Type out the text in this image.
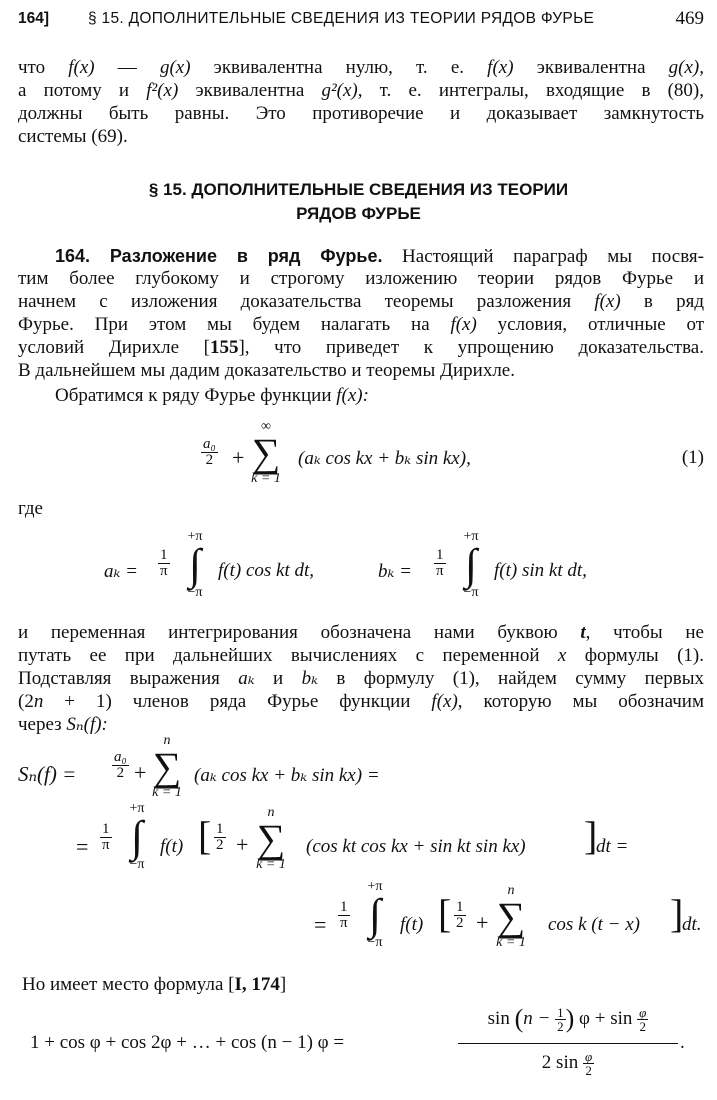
164]	§ 15. ДОПОЛНИТЕЛЬНЫЕ СВЕДЕНИЯ ИЗ ТЕОРИИ РЯДОВ ФУРЬЕ	469
что f(x) — g(x) эквивалентна нулю, т. е. f(x) эквивалентна g(x),
а потому и f²(x) эквивалентна g²(x), т. е. интегралы, входящие в (80),
должны быть равны. Это противоречие и доказывает замкнутость
системы (69).
§ 15. ДОПОЛНИТЕЛЬНЫЕ СВЕДЕНИЯ ИЗ ТЕОРИИ
РЯДОВ ФУРЬЕ
164. Разложение в ряд Фурье. Настоящий параграф мы посвя-
тим более глубокому и строгому изложению теории рядов Фурье и
начнем с изложения доказательства теоремы разложения f(x) в ряд
Фурье. При этом мы будем налагать на f(x) условия, отличные от
условий Дирихле [155], что приведет к упрощению доказательства.
В дальнейшем мы дадим доказательство и теоремы Дирихле.
Обратимся к ряду Фурье функции f(x):
$\frac{\text{a₀}}{2}$ +
∞
∑
k = 1
(aₖ cos kx + bₖ sin kx),	(1)
где
$a_k = \frac{1}{\pi}$
+π
∫
−π
f(t) cos kt dt,	$b_k = \frac{1}{\pi}$
+π
∫
−π
f(t) sin kt dt,
и переменная интегрирования обозначена нами буквою t, чтобы не
путать ее при дальнейших вычислениях с переменной x формулы (1).
Подставляя выражения aₖ и bₖ в формулу (1), найдем сумму первых
(2n + 1) членов ряда Фурье функции f(x), которую мы обозначим
через Sₙ(f):
$S_n(f) = \frac{\text{a₀}}{2}$ +
n
∑
k = 1
(aₖ cos kx + bₖ sin kx) =
= $\frac{1}{\pi}$
+π
∫
−π
f(t) [ $\frac{1}{2}$ +
n
∑
k = 1
(cos kt cos kx + sin kt sin kx) ]
dt =
= $\frac{1}{\pi}$
+π
∫
−π
f(t) [ $\frac{1}{2}$ +
n
∑
k = 1
cos k (t − x) ]
dt.
Но имеет место формула [I, 174]
1 + cos φ + cos 2φ + … + cos (n − 1) φ =
$\sin (n - \frac{1}{2}$ ) $\varphi + \sin \frac{\varphi}{2}$
2 $\sin \frac{\varphi}{2}$
.
